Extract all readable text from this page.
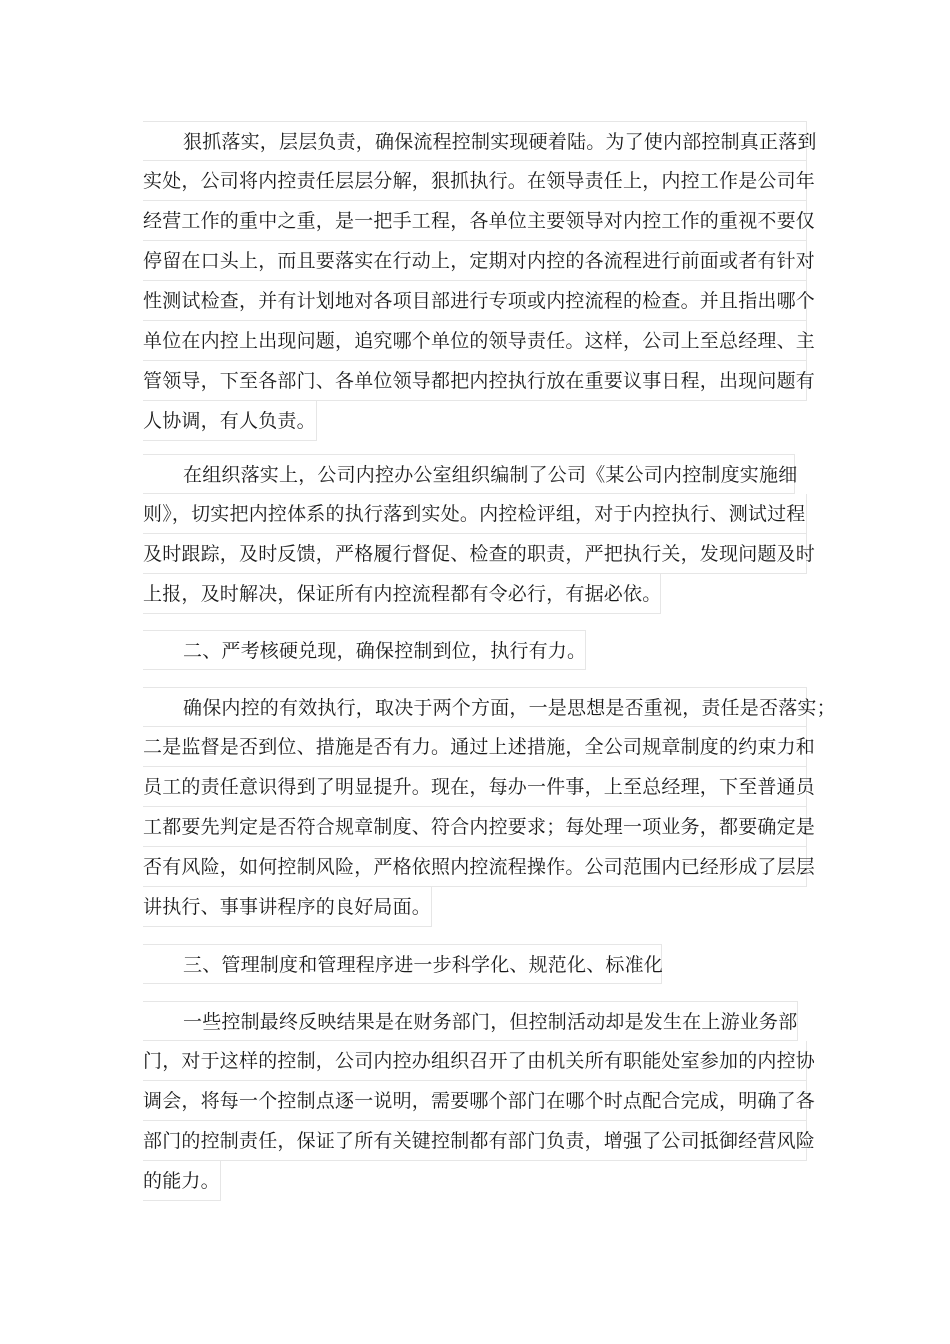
狠抓落实，层层负责，确保流程控制实现硬着陆。为了使内部控制真正落到
实处，公司将内控责任层层分解，狠抓执行。在领导责任上，内控工作是公司年
经营工作的重中之重，是一把手工程，各单位主要领导对内控工作的重视不要仅
停留在口头上，而且要落实在行动上，定期对内控的各流程进行前面或者有针对
性测试检查，并有计划地对各项目部进行专项或内控流程的检查。并且指出哪个
单位在内控上出现问题，追究哪个单位的领导责任。这样，公司上至总经理、主
管领导，下至各部门、各单位领导都把内控执行放在重要议事日程，出现问题有
人协调，有人负责。
在组织落实上，公司内控办公室组织编制了公司《某公司内控制度实施细
则》，切实把内控体系的执行落到实处。内控检评组，对于内控执行、测试过程
及时跟踪，及时反馈，严格履行督促、检查的职责，严把执行关，发现问题及时
上报，及时解决，保证所有内控流程都有令必行，有据必依。
二、严考核硬兑现，确保控制到位，执行有力。
确保内控的有效执行，取决于两个方面，一是思想是否重视，责任是否落实；
二是监督是否到位、措施是否有力。通过上述措施，全公司规章制度的约束力和
员工的责任意识得到了明显提升。现在，每办一件事，上至总经理，下至普通员
工都要先判定是否符合规章制度、符合内控要求；每处理一项业务，都要确定是
否有风险，如何控制风险，严格依照内控流程操作。公司范围内已经形成了层层
讲执行、事事讲程序的良好局面。
三、管理制度和管理程序进一步科学化、规范化、标准化
一些控制最终反映结果是在财务部门，但控制活动却是发生在上游业务部
门，对于这样的控制，公司内控办组织召开了由机关所有职能处室参加的内控协
调会，将每一个控制点逐一说明，需要哪个部门在哪个时点配合完成，明确了各
部门的控制责任，保证了所有关键控制都有部门负责，增强了公司抵御经营风险
的能力。
